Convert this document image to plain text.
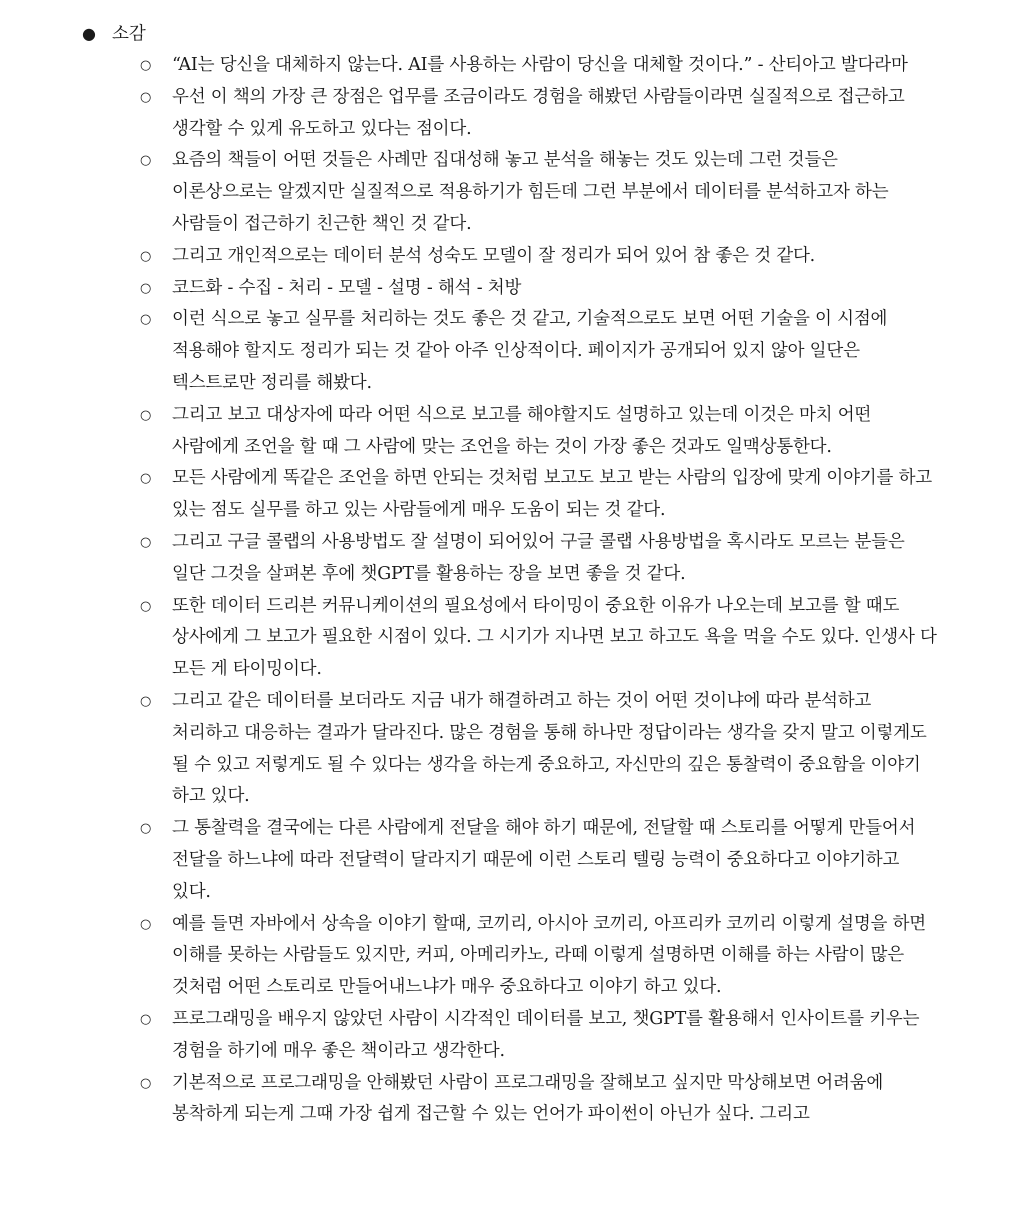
● 소감
○	“AI는 당신을 대체하지 않는다. AI를 사용하는 사람이 당신을 대체할 것이다.” - 산티아고 발다라마
○	우선 이 책의 가장 큰 장점은 업무를 조금이라도 경험을 해봤던 사람들이라면 실질적으로 접근하고 생각할 수 있게 유도하고 있다는 점이다.
○	요즘의 책들이 어떤 것들은 사례만 집대성해 놓고 분석을 해놓는 것도 있는데 그런 것들은 이론상으로는 알겠지만 실질적으로 적용하기가 힘든데 그런 부분에서 데이터를 분석하고자 하는 사람들이 접근하기 친근한 책인 것 같다.
○	그리고 개인적으로는 데이터 분석 성숙도 모델이 잘 정리가 되어 있어 참 좋은 것 같다.
○	코드화 - 수집 - 처리 - 모델 - 설명 - 해석 - 처방
○	이런 식으로 놓고 실무를 처리하는 것도 좋은 것 같고, 기술적으로도 보면 어떤 기술을 이 시점에 적용해야 할지도 정리가 되는 것 같아 아주 인상적이다. 페이지가 공개되어 있지 않아 일단은 텍스트로만 정리를 해봤다.
○	그리고 보고 대상자에 따라 어떤 식으로 보고를 해야할지도 설명하고 있는데 이것은 마치 어떤 사람에게 조언을 할 때 그 사람에 맞는 조언을 하는 것이 가장 좋은 것과도 일맥상통한다.
○	모든 사람에게 똑같은 조언을 하면 안되는 것처럼 보고도 보고 받는 사람의 입장에 맞게 이야기를 하고 있는 점도 실무를 하고 있는 사람들에게 매우 도움이 되는 것 같다.
○	그리고 구글 콜랩의 사용방법도 잘 설명이 되어있어 구글 콜랩 사용방법을 혹시라도 모르는 분들은 일단 그것을 살펴본 후에 챗GPT를 활용하는 장을 보면 좋을 것 같다.
○	또한 데이터 드리븐 커뮤니케이션의 필요성에서 타이밍이 중요한 이유가 나오는데 보고를 할 때도 상사에게 그 보고가 필요한 시점이 있다. 그 시기가 지나면 보고 하고도 욕을 먹을 수도 있다. 인생사 다 모든 게 타이밍이다.
○	그리고 같은 데이터를 보더라도 지금 내가 해결하려고 하는 것이 어떤 것이냐에 따라 분석하고 처리하고 대응하는 결과가 달라진다. 많은 경험을 통해 하나만 정답이라는 생각을 갖지 말고 이렇게도 될 수 있고 저렇게도 될 수 있다는 생각을 하는게 중요하고, 자신만의 깊은 통찰력이 중요함을 이야기 하고 있다.
○	그 통찰력을 결국에는 다른 사람에게 전달을 해야 하기 때문에, 전달할 때 스토리를 어떻게 만들어서 전달을 하느냐에 따라 전달력이 달라지기 때문에 이런 스토리 텔링 능력이 중요하다고 이야기하고 있다.
○	예를 들면 자바에서 상속을 이야기 할때, 코끼리, 아시아 코끼리, 아프리카 코끼리 이렇게 설명을 하면 이해를 못하는 사람들도 있지만, 커피, 아메리카노, 라떼 이렇게 설명하면 이해를 하는 사람이 많은 것처럼 어떤 스토리로 만들어내느냐가 매우 중요하다고 이야기 하고 있다.
○	프로그래밍을 배우지 않았던 사람이 시각적인 데이터를 보고, 챗GPT를 활용해서 인사이트를 키우는 경험을 하기에 매우 좋은 책이라고 생각한다.
○	기본적으로 프로그래밍을 안해봤던 사람이 프로그래밍을 잘해보고 싶지만 막상해보면 어려움에 봉착하게 되는게 그때 가장 쉽게 접근할 수 있는 언어가 파이썬이 아닌가 싶다. 그리고
